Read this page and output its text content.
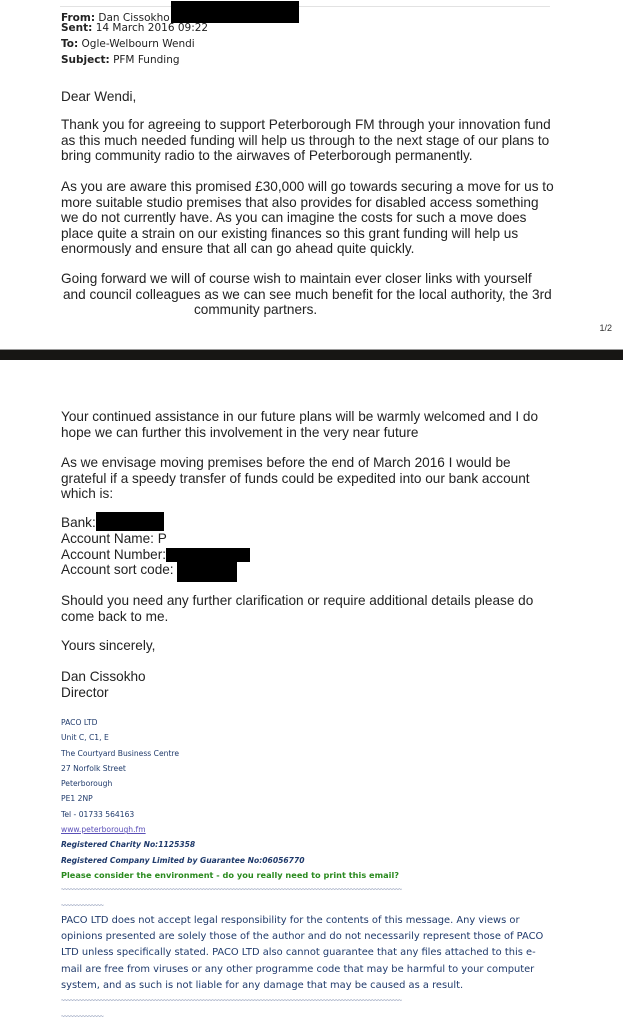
From: Dan Cissokho
Sent: 14 March 2016 09:22
To: Ogle-Welbourn Wendi
Subject: PFM Funding
Dear Wendi,
Thank you for agreeing to support Peterborough FM through your innovation fund as this much needed funding will help us through to the next stage of our plans to bring community radio to the airwaves of Peterborough permanently.
As you are aware this promised £30,000 will go towards securing a move for us to more suitable studio premises that also provides for disabled access something we do not currently have. As you can imagine the costs for such a move does place quite a strain on our existing finances so this grant funding will help us enormously and ensure that all can go ahead quite quickly.

Going forward we will of course wish to maintain ever closer links with yourself

and council colleagues as we can see much benefit for the local authority, the 3rd

community partners.

1/2
Your continued assistance in our future plans will be warmly welcomed and I do hope we can further this involvement in the very near future
As we envisage moving premises before the end of March 2016 I would be grateful if a speedy transfer of funds could be expedited into our bank account which is:

Bank:

Account Name: P

Account Number:

Account sort code:

Should you need any further clarification or require additional details please do come back to me.
Yours sincerely,

Dan Cissokho

Director

PACO LTD
Unit C, C1, E
The Courtyard Business Centre
27 Norfolk Street
Peterborough
PE1 2NP
Tel - 01733 564163
www.peterborough.fm
Registered Charity No:1125358
Registered Company Limited by Guarantee No:06056770
Please consider the environment - do you really need to print this email?
~~~~~~~~~~~~~~~~~~~~~~~~~~~~~~~~~~~~~~~~~~~~~~~~~~~~~~~~~~~~~~~~~~~~~~~~~~~~~~~~~~~~~~~~~~~~~~~~~~~~~~~~~~~~~~~~~
~~~~~~~~~~~~~~
PACO LTD does not accept legal responsibility for the contents of this message. Any views or opinions presented are solely those of the author and do not necessarily represent those of PACO LTD unless specifically stated. PACO LTD also cannot guarantee that any files attached to this e-mail are free from viruses or any other programme code that may be harmful to your computer system, and as such is not liable for any damage that may be caused as a result.
~~~~~~~~~~~~~~~~~~~~~~~~~~~~~~~~~~~~~~~~~~~~~~~~~~~~~~~~~~~~~~~~~~~~~~~~~~~~~~~~~~~~~~~~~~~~~~~~~~~~~~~~~~~~~~~~~
~~~~~~~~~~~~~~
